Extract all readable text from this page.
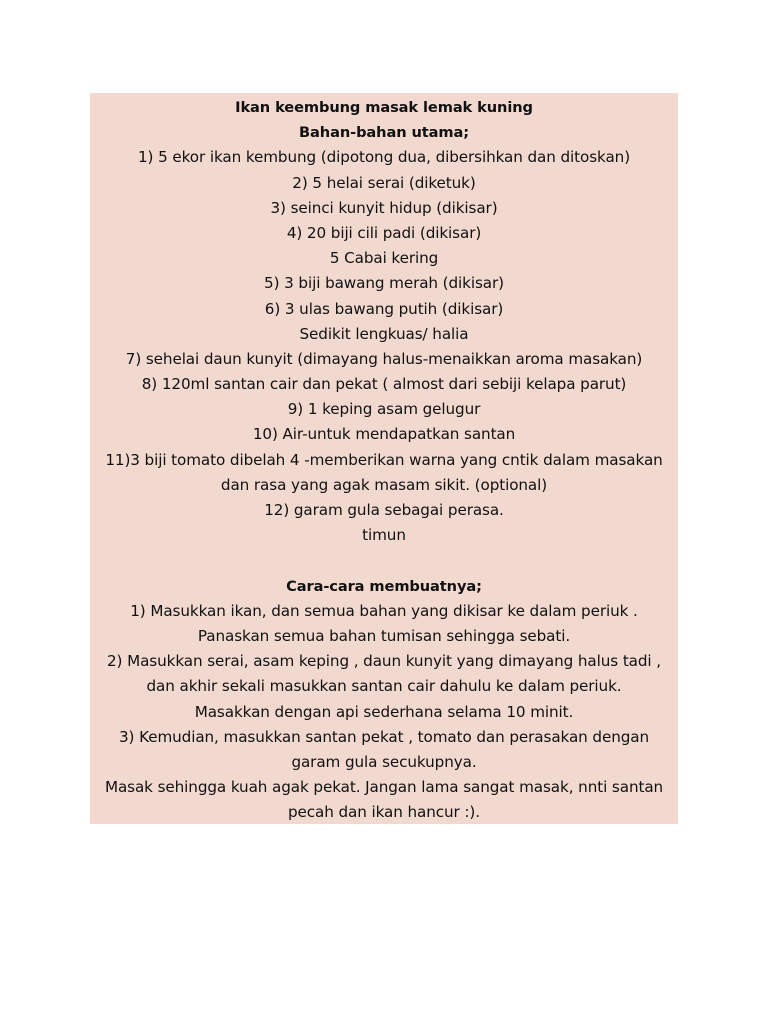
Ikan keembung masak lemak kuning
Bahan-bahan utama;
1) 5 ekor ikan kembung (dipotong dua, dibersihkan dan ditoskan)
2) 5 helai serai (diketuk)
3) seinci kunyit hidup (dikisar)
4) 20 biji cili padi (dikisar)
5 Cabai kering
5) 3 biji bawang merah (dikisar)
6) 3 ulas bawang putih (dikisar)
Sedikit lengkuas/ halia
7) sehelai daun kunyit (dimayang halus-menaikkan aroma masakan)
8) 120ml santan cair dan pekat ( almost dari sebiji kelapa parut)
9) 1 keping asam gelugur
10) Air-untuk mendapatkan santan
11)3 biji tomato dibelah 4 -memberikan warna yang cntik dalam masakan
dan rasa yang agak masam sikit. (optional)
12) garam gula sebagai perasa.
timun
Cara-cara membuatnya;
1) Masukkan ikan, dan semua bahan yang dikisar ke dalam periuk .
Panaskan semua bahan tumisan sehingga sebati.
2) Masukkan serai, asam keping , daun kunyit yang dimayang halus tadi ,
dan akhir sekali masukkan santan cair dahulu ke dalam periuk.
Masakkan dengan api sederhana selama 10 minit.
3) Kemudian, masukkan santan pekat , tomato dan perasakan dengan
garam gula secukupnya.
Masak sehingga kuah agak pekat. Jangan lama sangat masak, nnti santan
pecah dan ikan hancur :).
